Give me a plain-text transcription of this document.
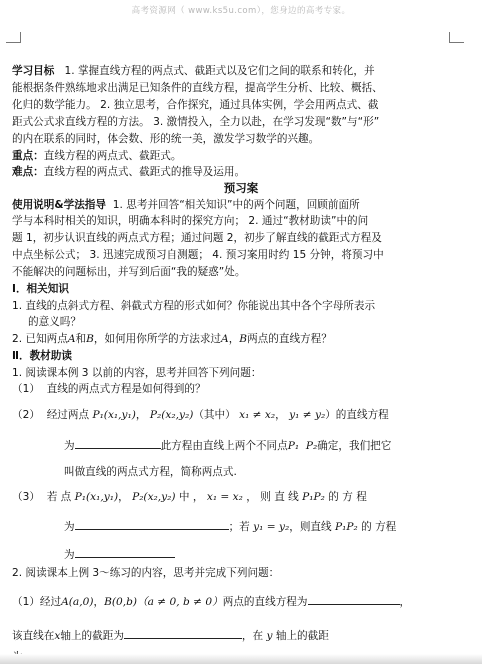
高考资源网（ www.ks5u.com），您身边的高考专家。
学习目标 1. 掌握直线方程的两点式、截距式以及它们之间的联系和转化，并
能根据条件熟练地求出满足已知条件的直线方程，提高学生分析、比较、概括、
化归的数学能力。 2. 独立思考，合作探究，通过具体实例，学会用两点式、截
距式公式求直线方程的方法。 3. 激情投入，全力以赴，在学习发现“数”与“形”
的内在联系的同时，体会数、形的统一美，激发学习数学的兴趣。
重点：直线方程的两点式、截距式。
难点：直线方程的两点式、截距式的推导及运用。
预习案
使用说明&学法指导 1. 思考并回答“相关知识”中的两个问题，回顾前面所
学与本科时相关的知识，明确本科时的探究方向； 2. 通过“教材助读”中的问
题 1，初步认识直线的两点式方程；通过问题 2，初步了解直线的截距式方程及
中点坐标公式； 3. 迅速完成预习自测题； 4. 预习案用时约 15 分钟，将预习中
不能解决的问题标出，并写到后面“我的疑惑”处。
Ⅰ．相关知识
1. 直线的点斜式方程、斜截式方程的形式如何？你能说出其中各个字母所表示
的意义吗？
2. 已知两点A和B，如何用你所学的方法求过A，B两点的直线方程？
Ⅱ．教材助读
1. 阅读课本例 3 以前的内容，思考并回答下列问题：
（1） 直线的两点式方程是如何得到的？
（2） 经过两点 P₁(x₁,y₁)， P₂(x₂,y₂)（其中） x₁ ≠ x₂， y₁ ≠ y₂）的直线方程
为	此方程由直线上两个不同点P₁ P₂确定，我们把它
叫做直线的两点式方程，简称两点式.
（3） 若 点 P₁(x₁,y₁)， P₂(x₂,y₂) 中 ， x₁ = x₂ ， 则 直 线 P₁P₂ 的 方 程
为	；若 y₁ = y₂，则直线 P₁P₂ 的 方程
为
2. 阅读课本上例 3～练习的内容，思考并完成下列问题：
（1）经过A(a,0)，B(0,b)（a ≠ 0, b ≠ 0）两点的直线方程为	，
该直线在x轴上的截距为	，在 y 轴上的截距
